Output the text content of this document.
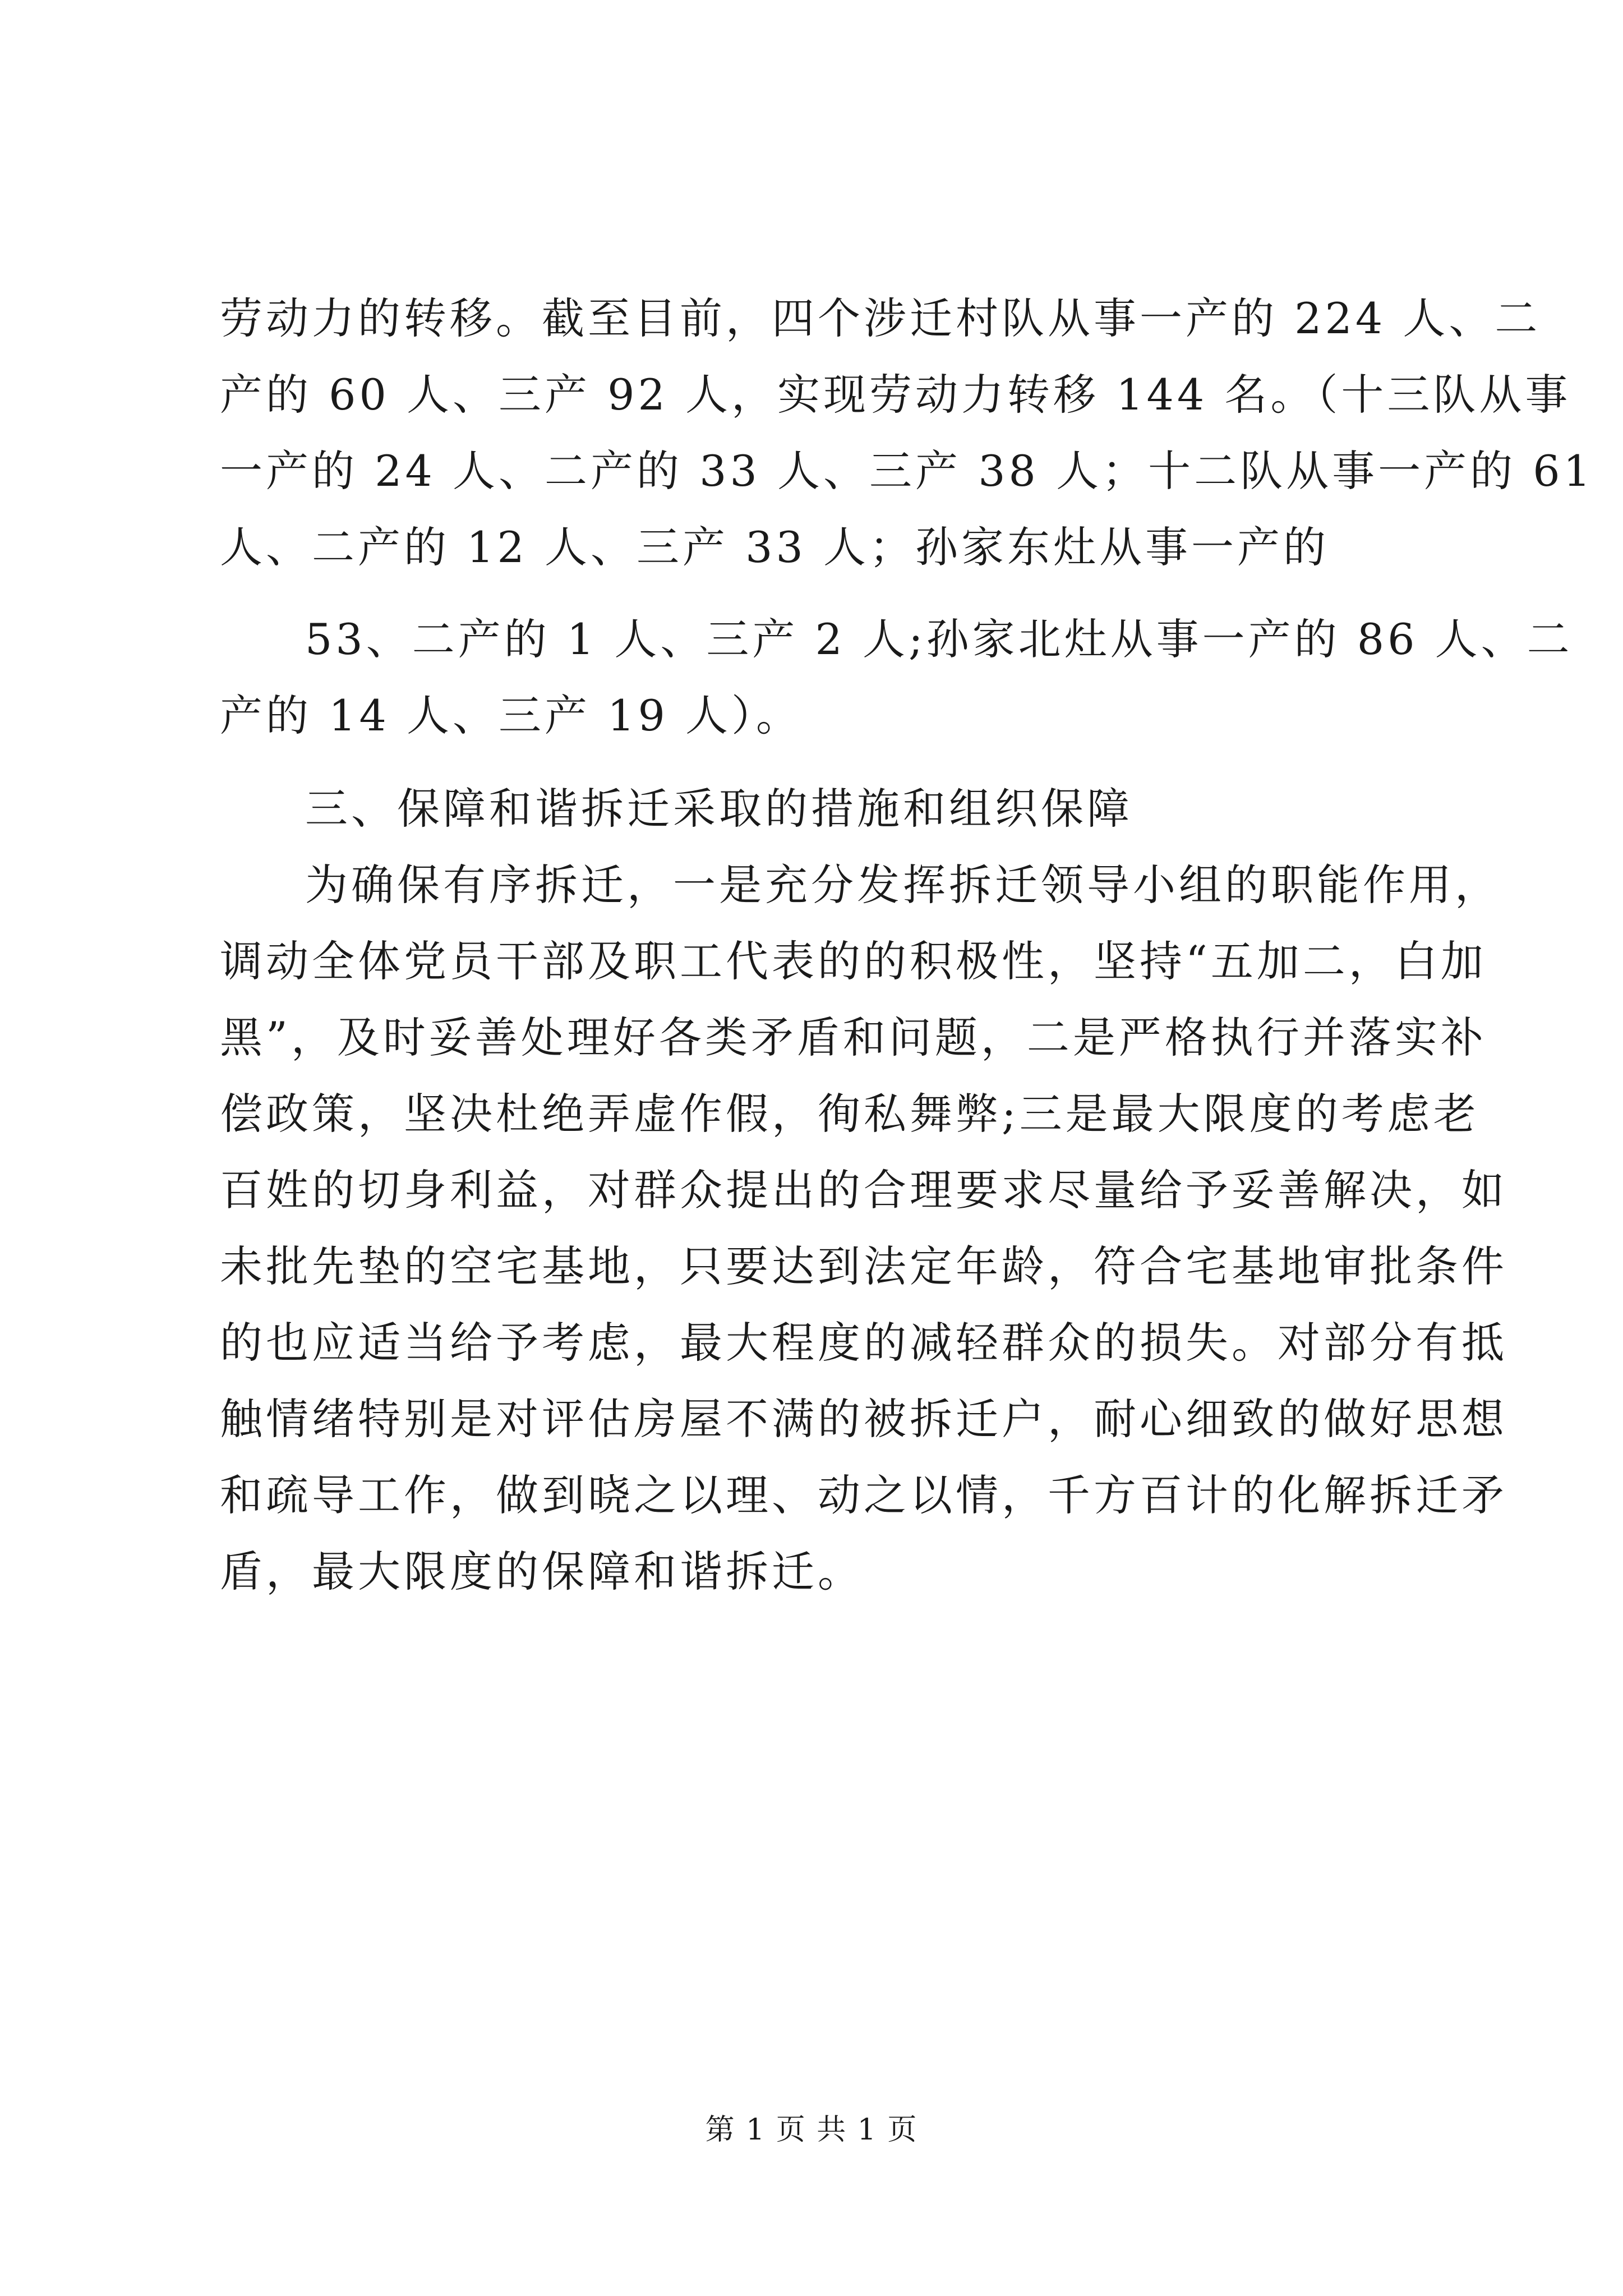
劳动力的转移。截至目前，四个涉迁村队从事一产的 224 人、二
产的 60 人、三产 92 人，实现劳动力转移 144 名。（十三队从事
一产的 24 人、二产的 33 人、三产 38 人；十二队从事一产的 61
人、二产的 12 人、三产 33 人；孙家东灶从事一产的
53、二产的 1 人、三产 2 人;孙家北灶从事一产的 86 人、二
产的 14 人、三产 19 人）。
三、保障和谐拆迁采取的措施和组织保障
为确保有序拆迁，一是充分发挥拆迁领导小组的职能作用，
调动全体党员干部及职工代表的的积极性，坚持“五加二，白加
黑”，及时妥善处理好各类矛盾和问题，二是严格执行并落实补
偿政策，坚决杜绝弄虚作假，徇私舞弊;三是最大限度的考虑老
百姓的切身利益，对群众提出的合理要求尽量给予妥善解决，如
未批先垫的空宅基地，只要达到法定年龄，符合宅基地审批条件
的也应适当给予考虑，最大程度的减轻群众的损失。对部分有抵
触情绪特别是对评估房屋不满的被拆迁户，耐心细致的做好思想
和疏导工作，做到晓之以理、动之以情，千方百计的化解拆迁矛
盾，最大限度的保障和谐拆迁。
第 1 页 共 1 页
